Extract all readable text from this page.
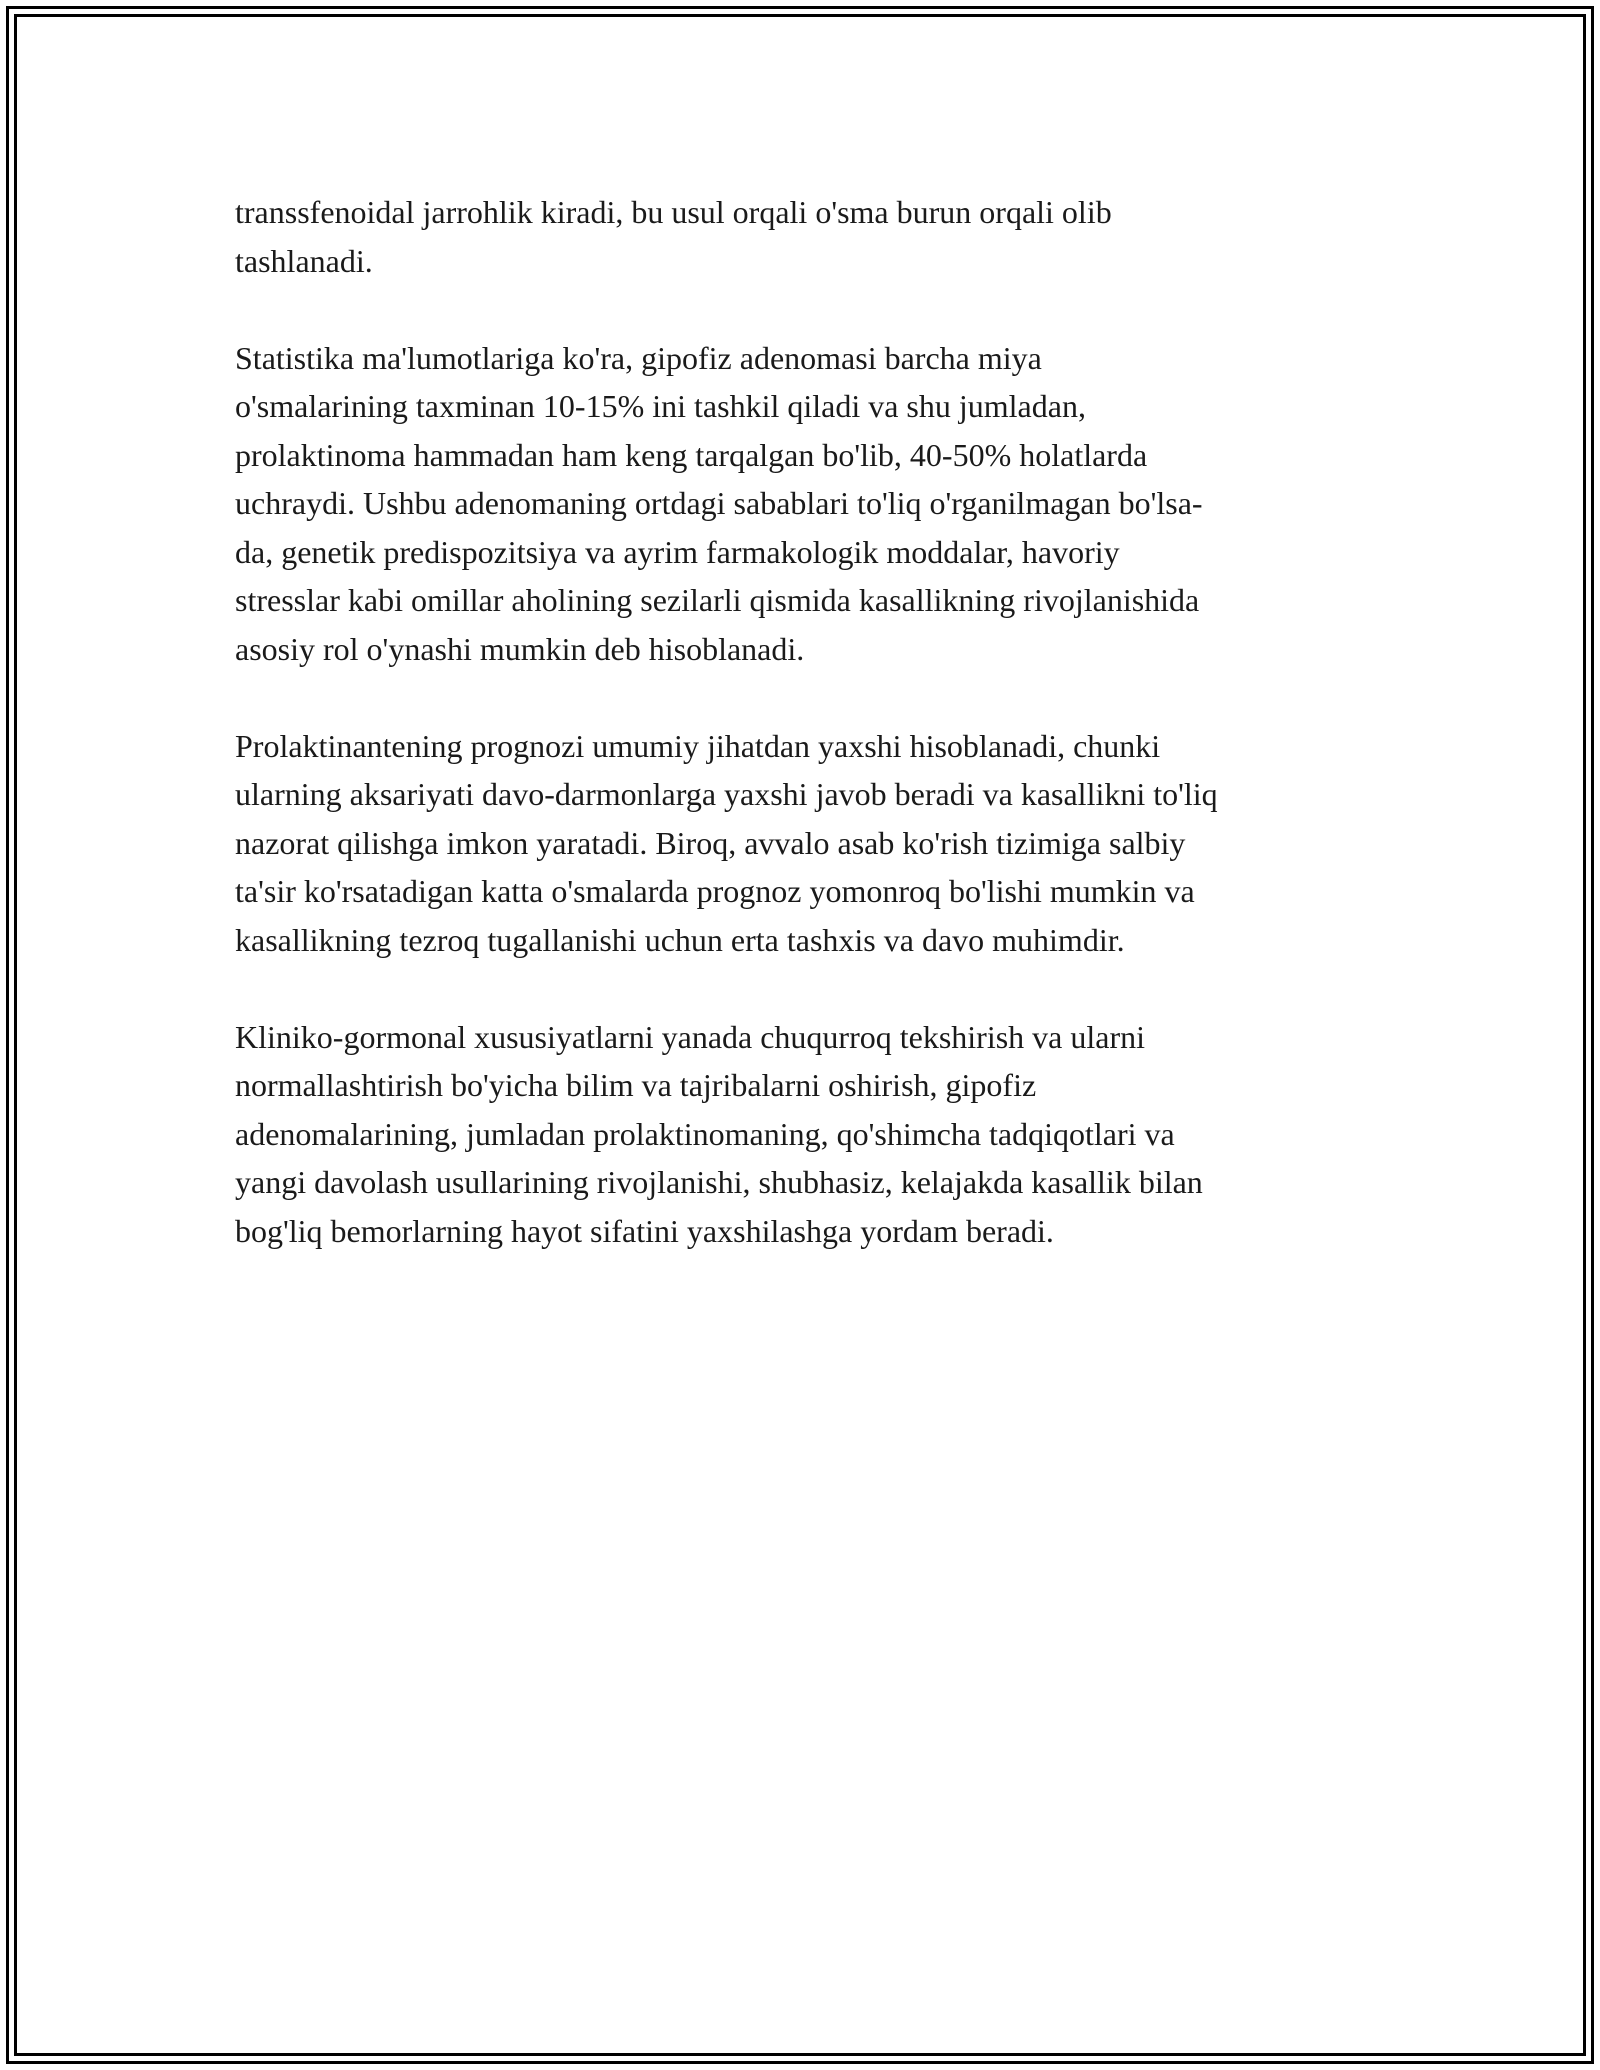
transsfenoidal jarrohlik kiradi, bu usul orqali o'sma burun orqali olib
tashlanadi.

Statistika ma'lumotlariga ko'ra, gipofiz adenomasi barcha miya
o'smalarining taxminan 10-15% ini tashkil qiladi va shu jumladan,
prolaktinoma hammadan ham keng tarqalgan bo'lib, 40-50% holatlarda
uchraydi. Ushbu adenomaning ortdagi sabablari to'liq o'rganilmagan bo'lsa-
da, genetik predispozitsiya va ayrim farmakologik moddalar, havoriy
stresslar kabi omillar aholining sezilarli qismida kasallikning rivojlanishida
asosiy rol o'ynashi mumkin deb hisoblanadi.

Prolaktinantening prognozi umumiy jihatdan yaxshi hisoblanadi, chunki
ularning aksariyati davo-darmonlarga yaxshi javob beradi va kasallikni to'liq
nazorat qilishga imkon yaratadi. Biroq, avvalo asab ko'rish tizimiga salbiy
ta'sir ko'rsatadigan katta o'smalarda prognoz yomonroq bo'lishi mumkin va
kasallikning tezroq tugallanishi uchun erta tashxis va davo muhimdir.

Kliniko-gormonal xususiyatlarni yanada chuqurroq tekshirish va ularni
normallashtirish bo'yicha bilim va tajribalarni oshirish, gipofiz
adenomalarining, jumladan prolaktinomaning, qo'shimcha tadqiqotlari va
yangi davolash usullarining rivojlanishi, shubhasiz, kelajakda kasallik bilan
bog'liq bemorlarning hayot sifatini yaxshilashga yordam beradi.
